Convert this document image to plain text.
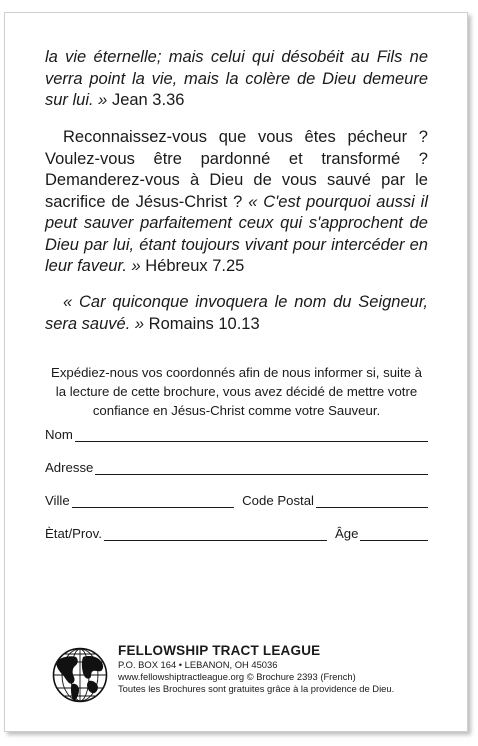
la vie éternelle; mais celui qui désobéit au Fils ne verra point la vie, mais la colère de Dieu demeure sur lui. » Jean 3.36

Reconnaissez-vous que vous êtes pécheur ? Voulez-vous être pardonné et transformé ? Demanderez-vous à Dieu de vous sauvé par le sacrifice de Jésus-Christ ? « C'est pourquoi aussi il peut sauver parfaitement ceux qui s'approchent de Dieu par lui, étant toujours vivant pour intercéder en leur faveur. » Hébreux 7.25

« Car quiconque invoquera le nom du Seigneur, sera sauvé. » Romains 10.13

Expédiez-nous vos coordonnés afin de nous informer si, suite à la lecture de cette brochure, vous avez décidé de mettre votre confiance en Jésus-Christ comme votre Sauveur.

Nom
Adresse
Ville	Code Postal
Ètat/Prov.	Âge
FELLOWSHIP TRACT LEAGUE
P.O. BOX 164 • LEBANON, OH 45036
www.fellowshiptractleague.org © Brochure 2393 (French)
Toutes les Brochures sont gratuites grâce à la providence de Dieu.
